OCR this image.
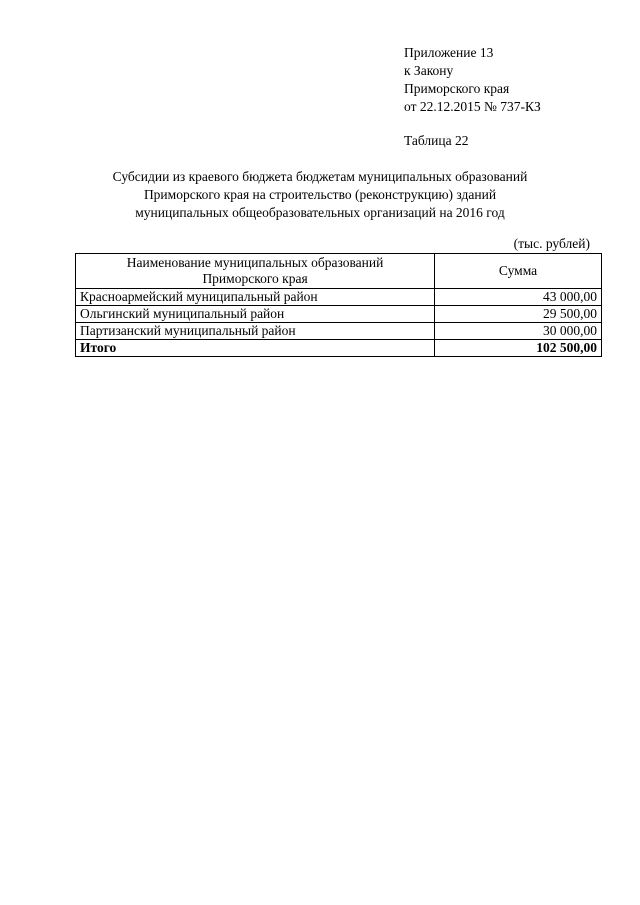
Приложение 13
к Закону
Приморского края
от 22.12.2015 № 737-КЗ
Таблица 22
Субсидии из краевого бюджета бюджетам муниципальных образований
Приморского края на строительство (реконструкцию) зданий
муниципальных общеобразовательных организаций на 2016 год
(тыс. рублей)
Наименование муниципальных образований
Приморского края	Сумма
Красноармейский муниципальный район	43 000,00
Ольгинский муниципальный район	29 500,00
Партизанский муниципальный район	30 000,00
Итого	102 500,00
